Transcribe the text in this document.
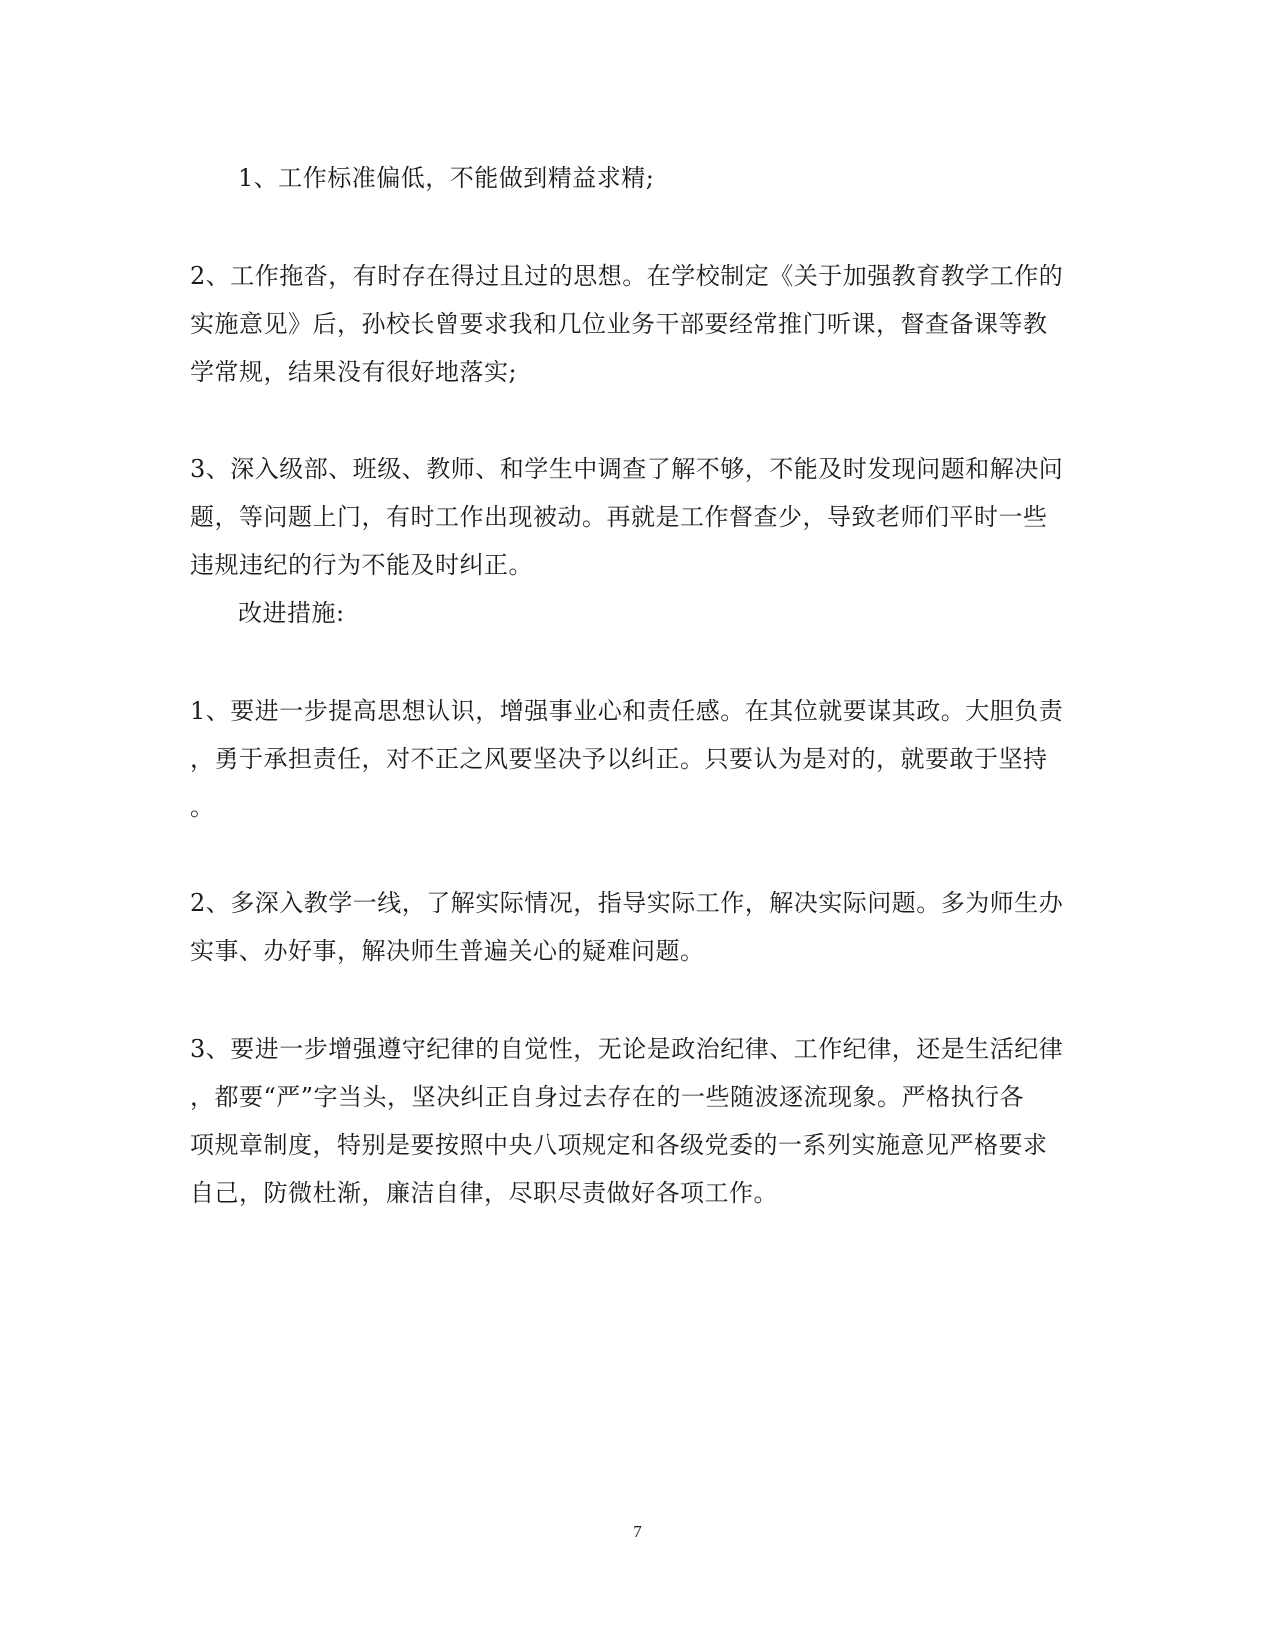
1、工作标准偏低，不能做到精益求精;
2、工作拖沓，有时存在得过且过的思想。在学校制定《关于加强教育教学工作的
实施意见》后，孙校长曾要求我和几位业务干部要经常推门听课，督查备课等教
学常规，结果没有很好地落实;
3、深入级部、班级、教师、和学生中调查了解不够，不能及时发现问题和解决问
题，等问题上门，有时工作出现被动。再就是工作督查少，导致老师们平时一些
违规违纪的行为不能及时纠正。
改进措施:
1、要进一步提高思想认识，增强事业心和责任感。在其位就要谋其政。大胆负责
，勇于承担责任，对不正之风要坚决予以纠正。只要认为是对的，就要敢于坚持
。
2、多深入教学一线，了解实际情况，指导实际工作，解决实际问题。多为师生办
实事、办好事，解决师生普遍关心的疑难问题。
3、要进一步增强遵守纪律的自觉性，无论是政治纪律、工作纪律，还是生活纪律
，都要“严”字当头，坚决纠正自身过去存在的一些随波逐流现象。严格执行各
项规章制度，特别是要按照中央八项规定和各级党委的一系列实施意见严格要求
自己，防微杜渐，廉洁自律，尽职尽责做好各项工作。
7
